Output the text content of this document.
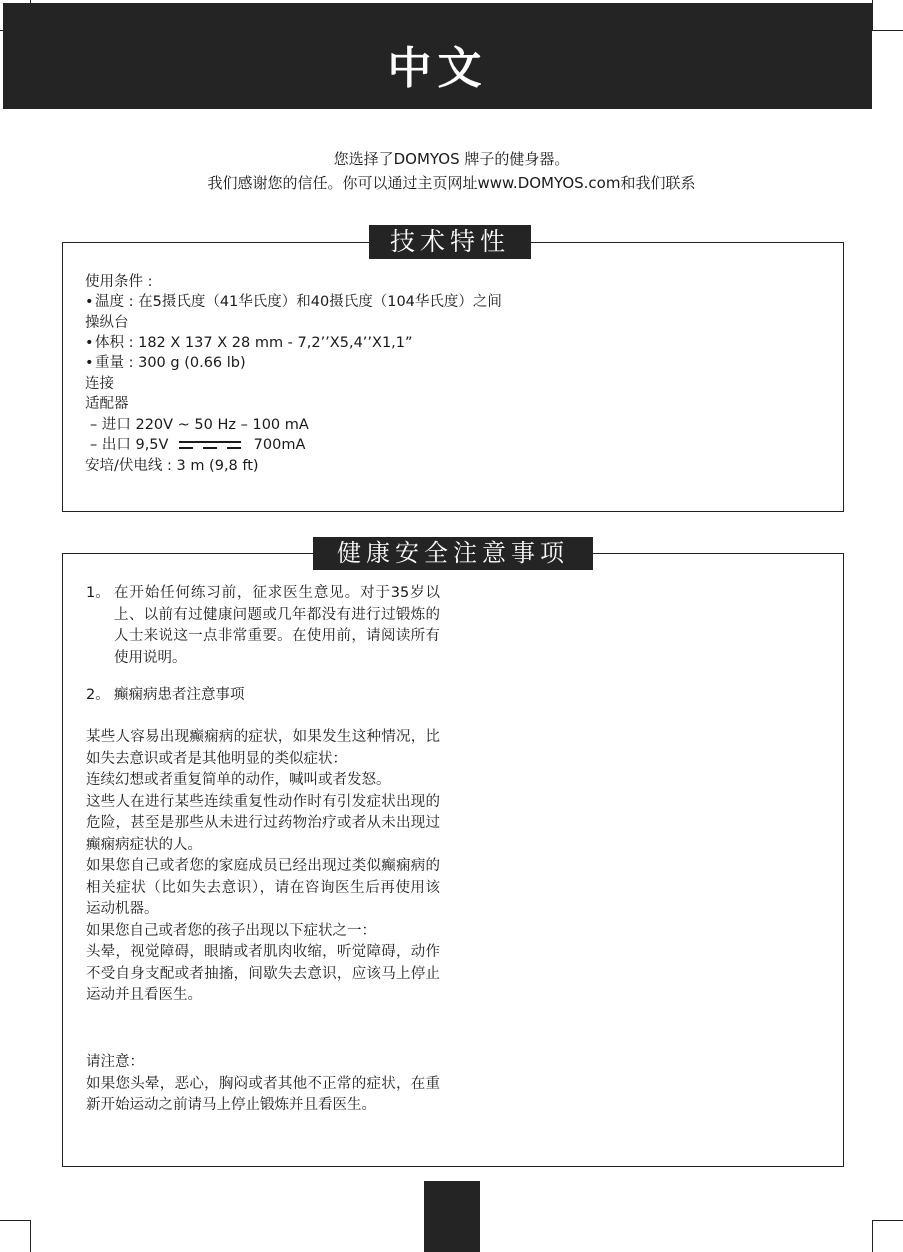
中文
您选择了DOMYOS 牌子的健身器。
我们感谢您的信任。你可以通过主页网址www.DOMYOS.com和我们联系
技术特性
使用条件 :
•温度 : 在5摄氏度（41华氏度）和40摄氏度（104华氏度）之间
操纵台
•体积 : 182 X 137 X 28 mm - 7,2’’X5,4’’X1,1”
•重量 : 300 g (0.66 lb)
连接
适配器
– 进口 220V ~ 50 Hz – 100 mA
– 出口 9,5V	700mA
安培/伏电线 : 3 m (9,8 ft)
健康安全注意事项
1。 在开始任何练习前，征求医生意见。对于35岁以上、以前有过健康问题或几年都没有进行过锻炼的人士来说这一点非常重要。在使用前，请阅读所有使用说明。
2。 癫痫病患者注意事项
某些人容易出现癫痫病的症状，如果发生这种情况，比如失去意识或者是其他明显的类似症状：
连续幻想或者重复简单的动作，喊叫或者发怒。
这些人在进行某些连续重复性动作时有引发症状出现的危险，甚至是那些从未进行过药物治疗或者从未出现过癫痫病症状的人。
如果您自己或者您的家庭成员已经出现过类似癫痫病的相关症状（比如失去意识），请在咨询医生后再使用该运动机器。
如果您自己或者您的孩子出现以下症状之一：
头晕，视觉障碍，眼睛或者肌肉收缩，听觉障碍，动作不受自身支配或者抽搐，间歇失去意识，应该马上停止运动并且看医生。
请注意：
如果您头晕，恶心，胸闷或者其他不正常的症状，在重新开始运动之前请马上停止锻炼并且看医生。
